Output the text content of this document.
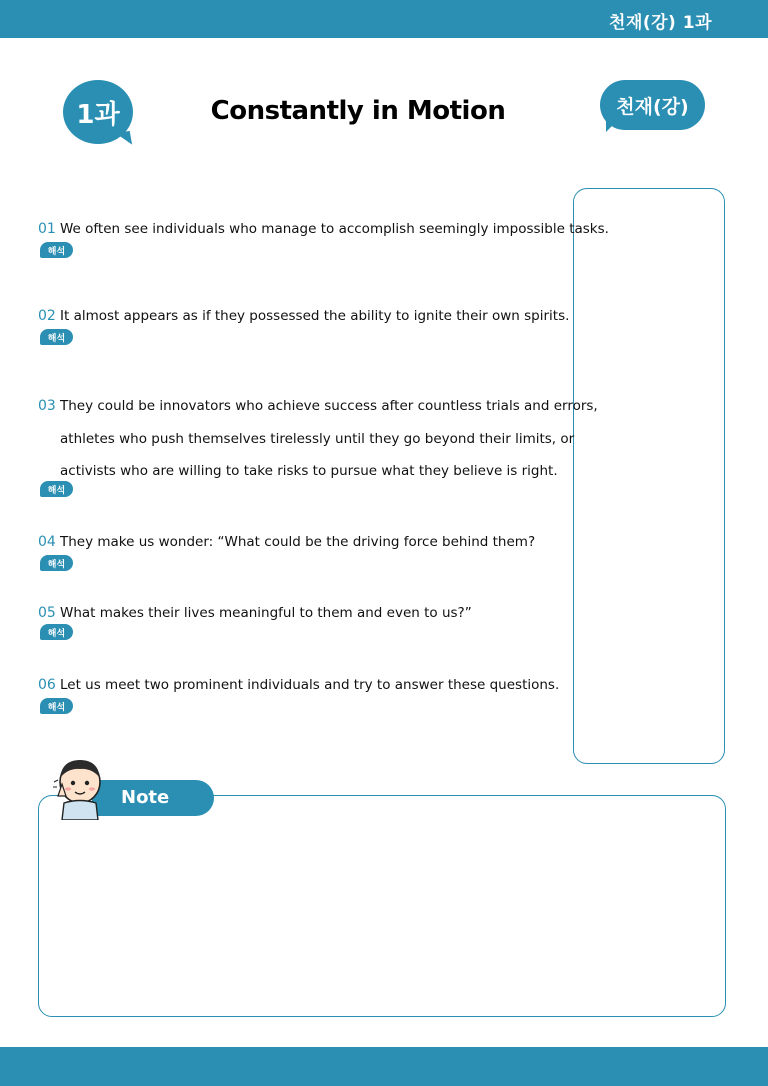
천재(강) 1과
1과	Constantly in Motion	천재(강)
01 We often see individuals who manage to accomplish seemingly impossible tasks.
해석
02 It almost appears as if they possessed the ability to ignite their own spirits.
해석
03 They could be innovators who achieve success after countless trials and errors,
athletes who push themselves tirelessly until they go beyond their limits, or
activists who are willing to take risks to pursue what they believe is right.
해석
04 They make us wonder: “What could be the driving force behind them?
해석
05 What makes their lives meaningful to them and even to us?”
해석
06 Let us meet two prominent individuals and try to answer these questions.
해석
Note
